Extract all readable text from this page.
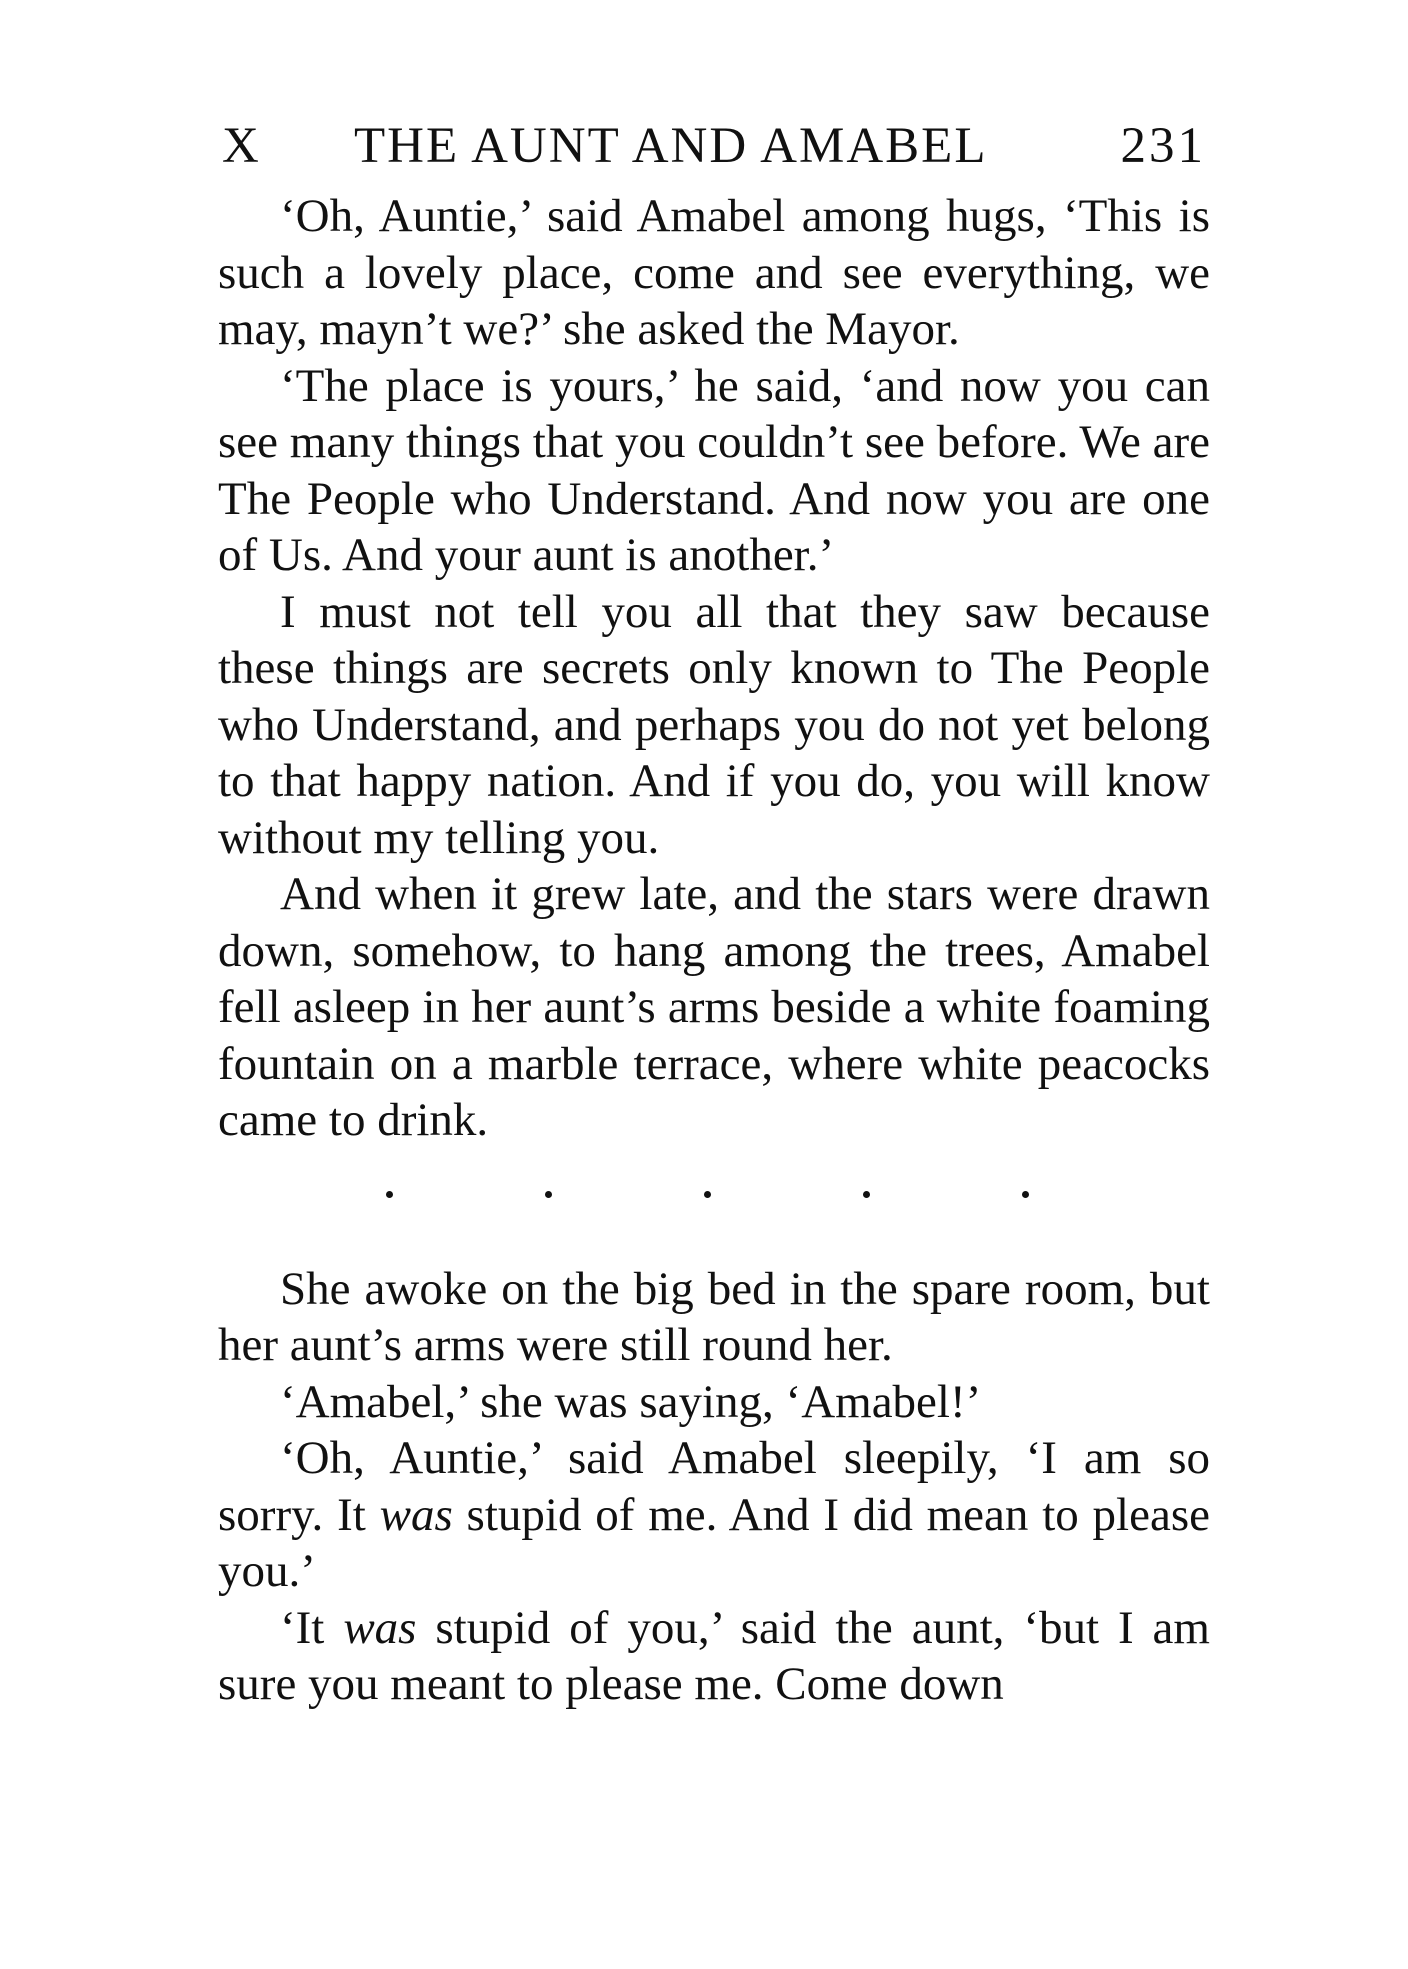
X THE AUNT AND AMABEL	231

‘Oh, Auntie,’ said Amabel among hugs, ‘This is such a lovely place, come and see everything, we may, mayn’t we?’ she asked the Mayor.

‘The place is yours,’ he said, ‘and now you can see many things that you couldn’t see before. We are The People who Understand. And now you are one of Us. And your aunt is another.’

I must not tell you all that they saw because these things are secrets only known to The People who Understand, and perhaps you do not yet belong to that happy nation. And if you do, you will know without my telling you.

And when it grew late, and the stars were drawn down, somehow, to hang among the trees, Amabel fell asleep in her aunt’s arms beside a white foaming fountain on a marble terrace, where white peacocks came to drink.

She awoke on the big bed in the spare room, but her aunt’s arms were still round her.

‘Amabel,’ she was saying, ‘Amabel!’

‘Oh, Auntie,’ said Amabel sleepily, ‘I am so sorry. It was stupid of me. And I did mean to please you.’

‘It was stupid of you,’ said the aunt, ‘but I am sure you meant to please me. Come down
